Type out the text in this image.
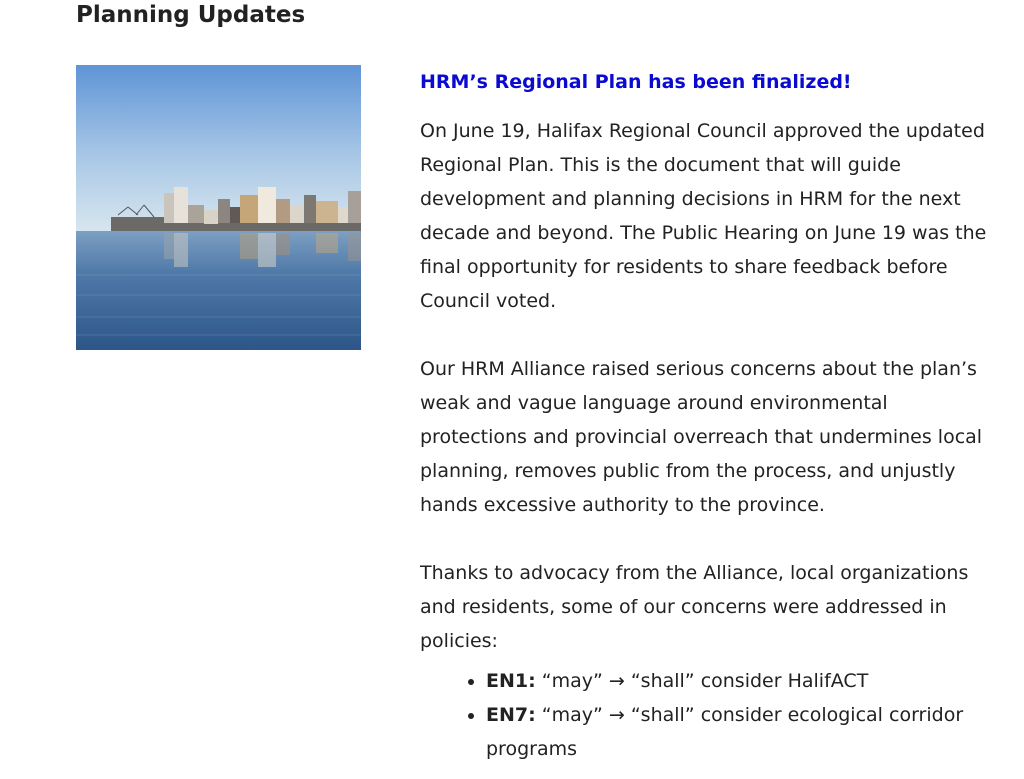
Planning Updates
HRM’s Regional Plan has been finalized!

On June 19, Halifax Regional Council approved the updated Regional Plan. This is the document that will guide development and planning decisions in HRM for the next decade and beyond. The Public Hearing on June 19 was the final opportunity for residents to share feedback before Council voted.

Our HRM Alliance raised serious concerns about the plan’s weak and vague language around environmental protections and provincial overreach that undermines local planning, removes public from the process, and unjustly hands excessive authority to the province.

Thanks to advocacy from the Alliance, local organizations and residents, some of our concerns were addressed in policies:

• EN1: “may” → “shall” consider HalifACT
• EN7: “may” → “shall” consider ecological corridor programs
